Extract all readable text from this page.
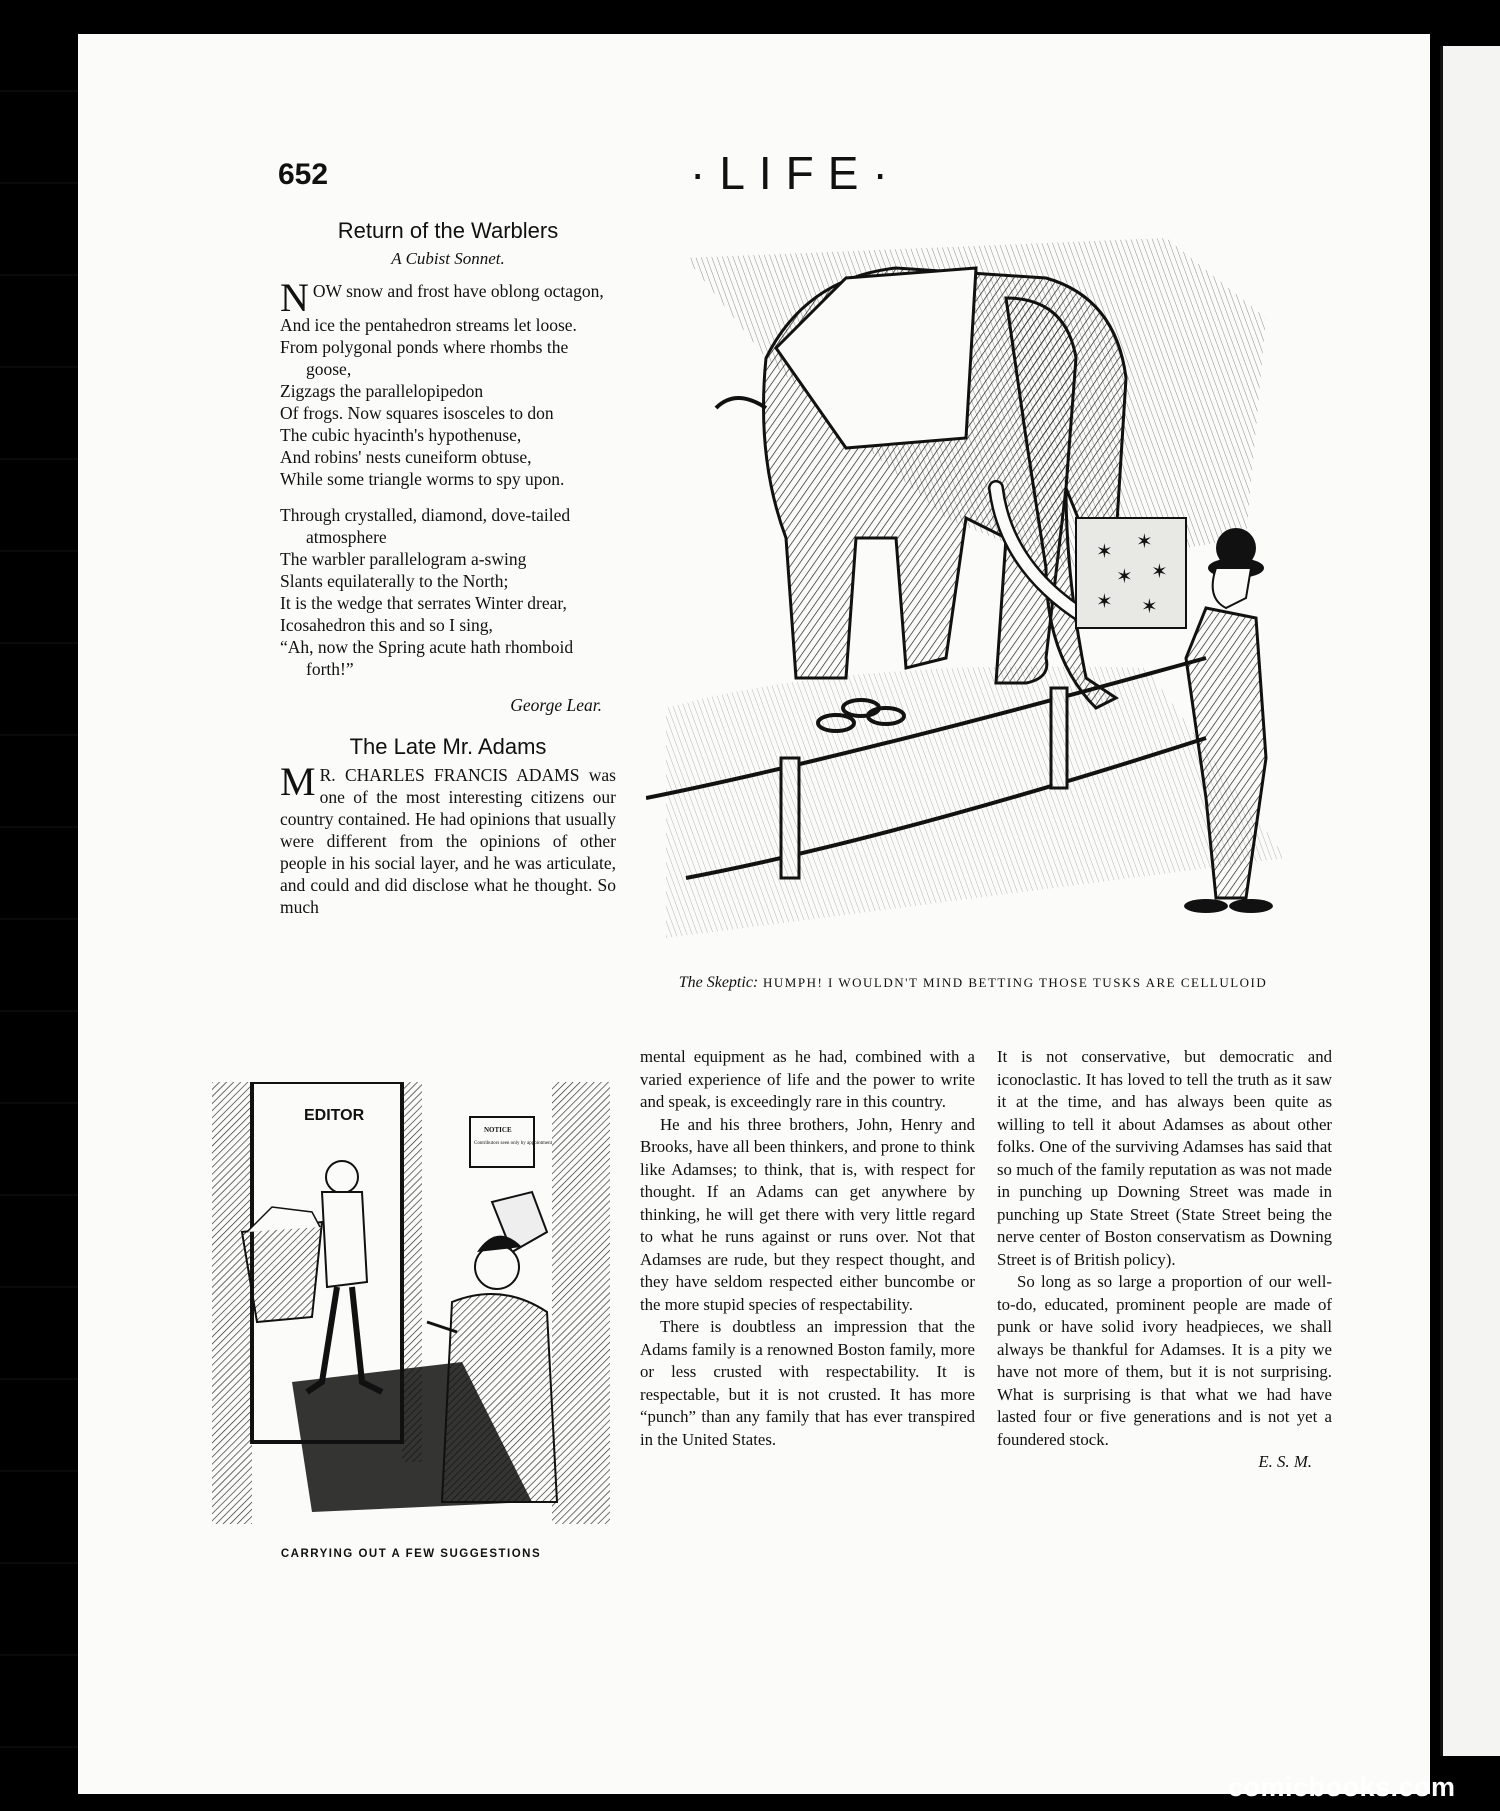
652	·LIFE·
Return of the Warblers
A Cubist Sonnet.
N OW snow and frost have oblong octagon,
And ice the pentahedron streams let loose.
From polygonal ponds where rhombs the goose,
Zigzags the parallelopipedon
Of frogs. Now squares isosceles to don
The cubic hyacinth's hypothenuse,
And robins' nests cuneiform obtuse,
While some triangle worms to spy upon.
Through crystalled, diamond, dove-tailed atmosphere
The warbler parallelogram a-swing
Slants equilaterally to the North;
It is the wedge that serrates Winter drear,
Icosahedron this and so I sing,
“Ah, now the Spring acute hath rhomboid forth!”
George Lear.
The Late Mr. Adams
M R. CHARLES FRANCIS ADAMS was one of the most interesting citizens our country contained. He had opinions that usually were different from the opinions of other people in his social layer, and he was articulate, and could and did disclose what he thought. So much
✶ ✶
✶ ✶
✶ ✶
The Skeptic: HUMPH! I WOULDN'T MIND BETTING THOSE TUSKS ARE CELLULOID
EDITOR
NOTICE
Contributors seen only by appointment
CARRYING OUT A FEW SUGGESTIONS

mental equipment as he had, combined with a varied experience of life and the power to write and speak, is exceedingly rare in this country.

He and his three brothers, John, Henry and Brooks, have all been thinkers, and prone to think like Adamses; to think, that is, with respect for thought. If an Adams can get anywhere by thinking, he will get there with very little regard to what he runs against or runs over. Not that Adamses are rude, but they respect thought, and they have seldom respected either buncombe or the more stupid species of respectability.

There is doubtless an impression that the Adams family is a renowned Boston family, more or less crusted with respectability. It is respectable, but it is not crusted. It has more “punch” than any family that has ever transpired in the United States.

It is not conservative, but democratic and iconoclastic. It has loved to tell the truth as it saw it at the time, and has always been quite as willing to tell it about Adamses as about other folks. One of the surviving Adamses has said that so much of the family reputation as was not made in punching up Downing Street was made in punching up State Street (State Street being the nerve center of Boston conservatism as Downing Street is of British policy).

So long as so large a proportion of our well-to-do, educated, prominent people are made of punk or have solid ivory headpieces, we shall always be thankful for Adamses. It is a pity we have not more of them, but it is not surprising. What is surprising is that what we had have lasted four or five generations and is not yet a foundered stock.

E. S. M.
comicbooks.com
